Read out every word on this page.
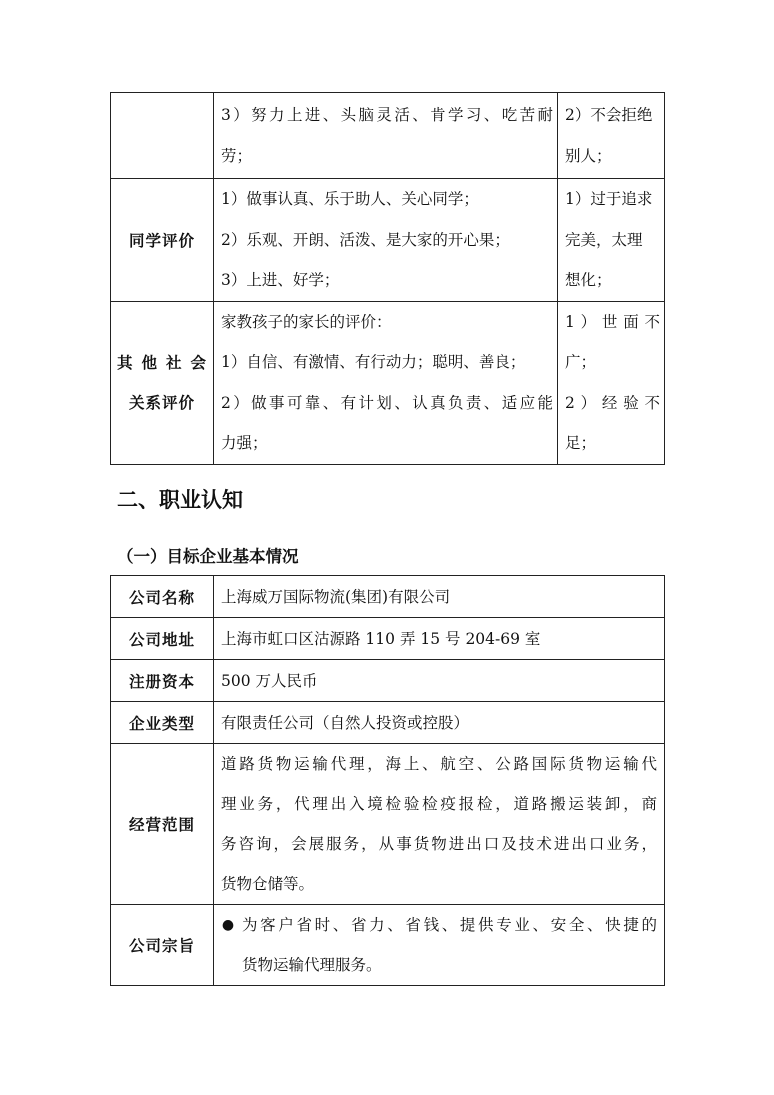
	3）努力上进、头脑灵活、肯学习、吃苦耐
劳；	2）不会拒绝
别人；

同学评价	1）做事认真、乐于助人、关心同学；
2）乐观、开朗、活泼、是大家的开心果；
3）上进、好学；	1）过于追求
完美，太理
想化；

其他社会
关系评价	家教孩子的家长的评价：
1）自信、有激情、有行动力；聪明、善良；
2）做事可靠、有计划、认真负责、适应能
力强；	1）世面不
广；
2）经验不
足；
二、职业认知
（一）目标企业基本情况
公司名称	上海威万国际物流(集团)有限公司
公司地址	上海市虹口区沽源路 110 弄 15 号 204-69 室
注册资本	500 万人民币
企业类型	有限责任公司（自然人投资或控股）
经营范围	道路货物运输代理，海上、航空、公路国际货物运输代
理业务，代理出入境检验检疫报检，道路搬运装卸，商
务咨询，会展服务，从事货物进出口及技术进出口业务，
货物仓储等。

公司宗旨	● 为客户省时、省力、省钱、提供专业、安全、快捷的
货物运输代理服务。
